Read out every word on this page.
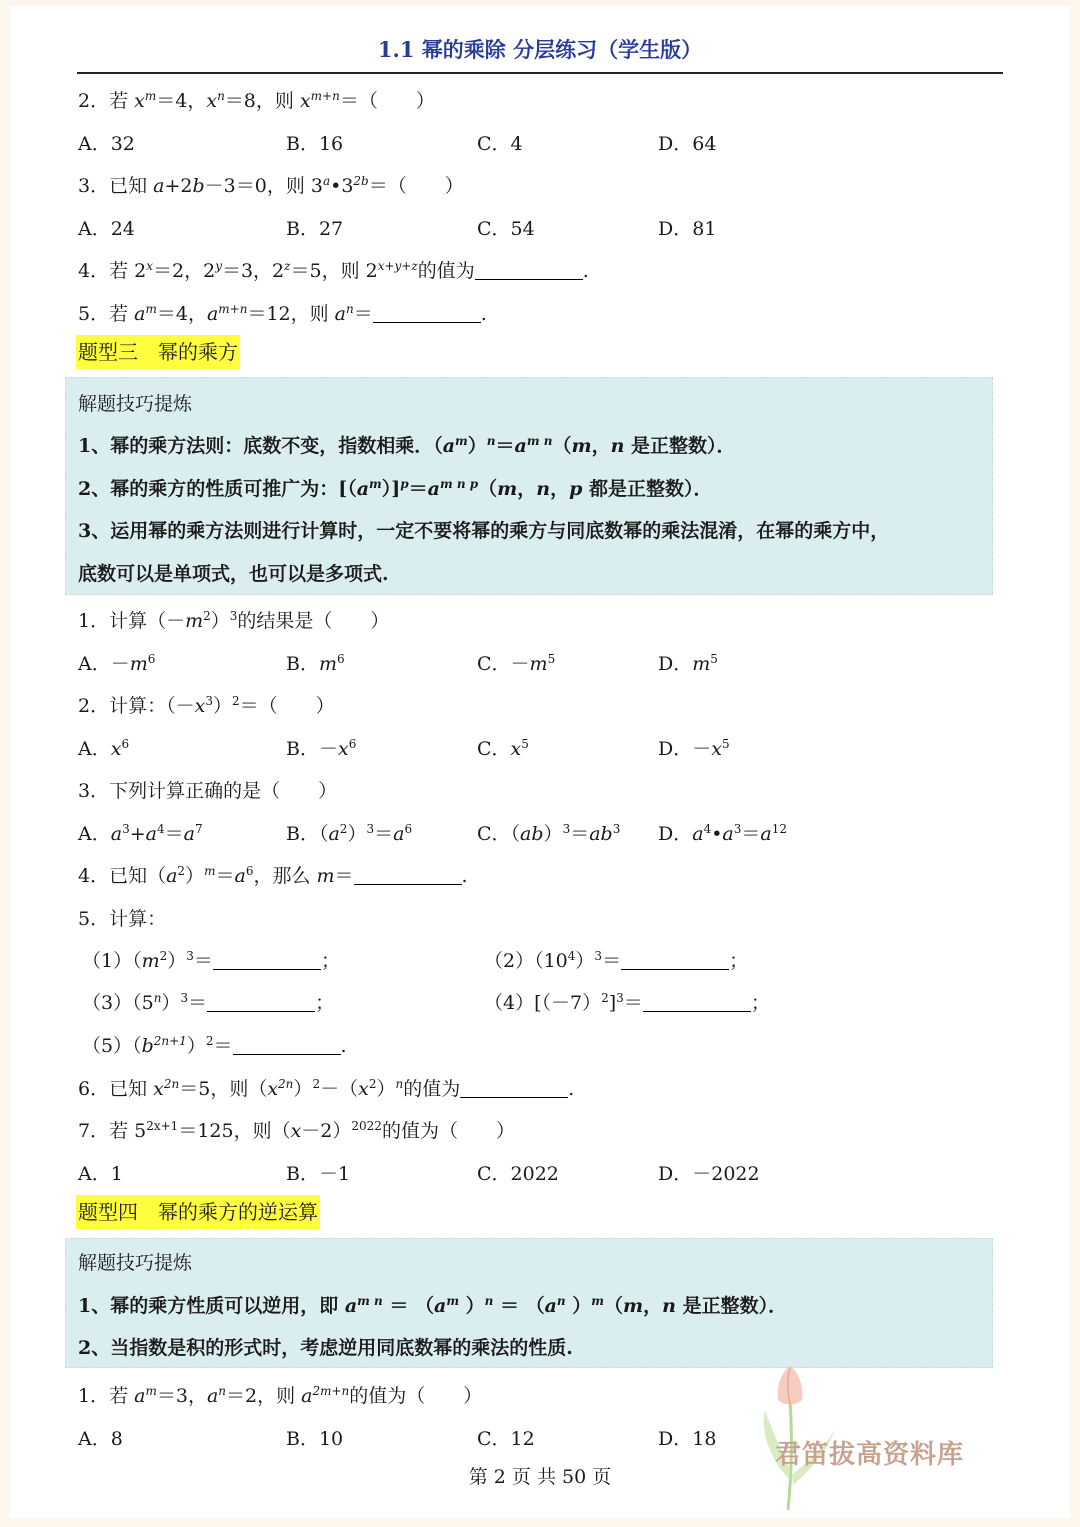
1.1 幂的乘除 分层练习（学生版）
2．若 $x^m=4$，$x^n=8$，则 $x^{m+n}=$（　　）
A．32	B．16	C．4	D．64
3．已知 a+2b－3＝0，则 $3^a•3^{2b}=$（　　）
A．24	B．27	C．54	D．81
4．若 $2^x=2$，$2^y=3$，$2^z=5$，则 $2^{x+y+z}$的值为	.
5．若 $a^m=4$，$a^{m+n}=12$，则 $a^n=$	.
题型三　幂的乘方
解题技巧提炼
1、幂的乘方法则：底数不变，指数相乘．$(a^m)^n=a^{m n}(m$，n 是正整数）．
2、幂的乘方的性质可推广为：$[(a^m)]^p=a^{m n p}(m$，n，p 都是正整数）．
3、运用幂的乘方法则进行计算时，一定不要将幂的乘方与同底数幂的乘法混淆，在幂的乘方中，
底数可以是单项式，也可以是多项式.
1．计算$(-m^2)^3$的结果是（　　）
A．$-m^6$	B．$m^6$	C．$-m^5$	D．$m^5$
2．计算：$(-x^3)^2=$（　　）
A．$x^6$	B．$-x^6$	C．$x^5$	D．$-x^5$
3．下列计算正确的是（　　）
A．$a^3+a^4=a^7$	B．$(a^2)^3=a^6$	C．$(ab)^3=ab^3$ D．$a^4•a^3=a^{12}$
4．已知$(a^2)^m=a^6$，那么 m＝	.
5．计算：
$(1)(m^2)^3=$	；	$(2)(10^4)^3=$	；
$(3)(5^n)^3=$	；	$(4)[(-7)^2]^3=$	；
$(5)(b^{2n+1})^2=$	.
6．已知 $x^{2n}=5$，则$(x^{2n})^2-(x^2)^n$的值为	.
7．若 $5^{2x+1}=125$，则$(x-2)^{2022}$的值为（　　）
A．1	B．－1	C．2022	D．－2022
题型四　幂的乘方的逆运算
解题技巧提炼
1、幂的乘方性质可以逆用，即 $a^{m n} = (a^m$ ）$^n = (a^n$ ）$^m$（m，n 是正整数）．
2、当指数是积的形式时，考虑逆用同底数幂的乘法的性质.
1．若 $a^m=3$，$a^n=2$，则 $a^{2m+n}$的值为（　　）
A．8	B．10	C．12	D．18
第 2 页 共 50 页
君笛拔高资料库
